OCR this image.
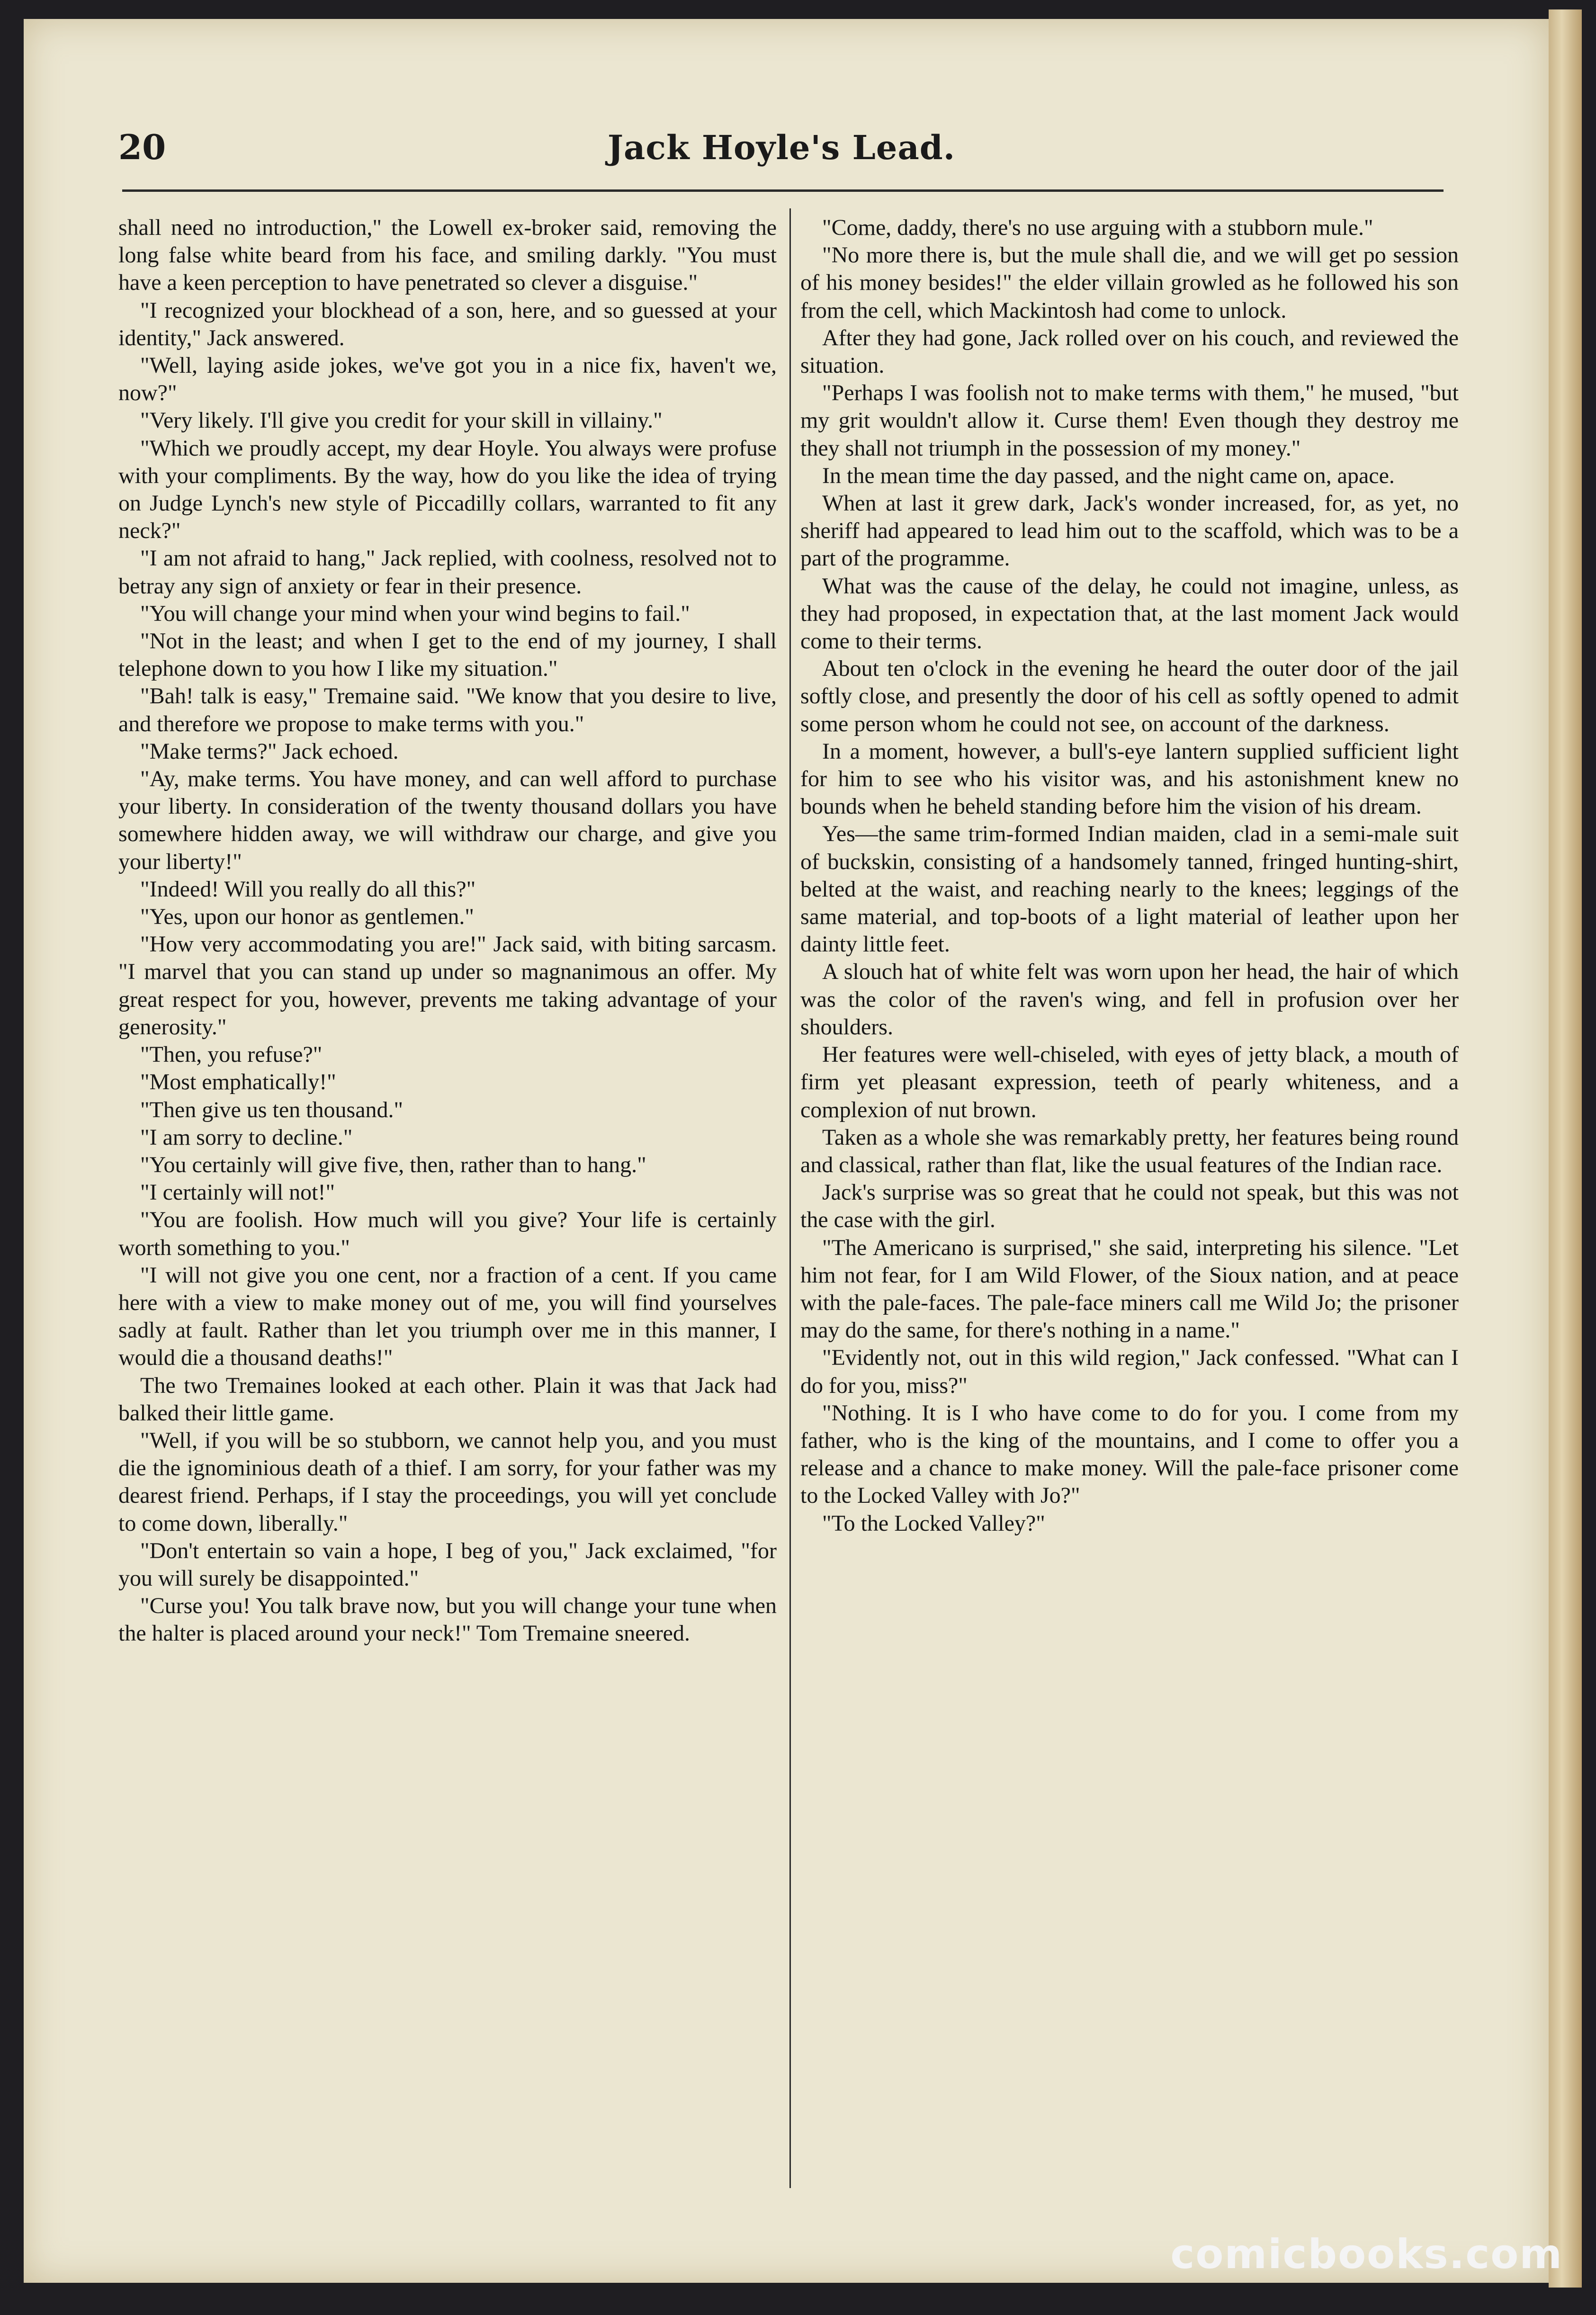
20	Jack Hoyle's Lead.

shall need no introduction," the Lowell ex-broker said, removing the long false white beard from his face, and smiling darkly. "You must have a keen perception to have penetrated so clever a disguise."

"I recognized your blockhead of a son, here, and so guessed at your identity," Jack answered.

"Well, laying aside jokes, we've got you in a nice fix, haven't we, now?"

"Very likely. I'll give you credit for your skill in villainy."

"Which we proudly accept, my dear Hoyle. You always were profuse with your compliments. By the way, how do you like the idea of trying on Judge Lynch's new style of Piccadilly collars, warranted to fit any neck?"

"I am not afraid to hang," Jack replied, with coolness, resolved not to betray any sign of anxiety or fear in their presence.

"You will change your mind when your wind begins to fail."

"Not in the least; and when I get to the end of my journey, I shall telephone down to you how I like my situation."

"Bah! talk is easy," Tremaine said. "We know that you desire to live, and therefore we propose to make terms with you."

"Make terms?" Jack echoed.

"Ay, make terms. You have money, and can well afford to purchase your liberty. In consideration of the twenty thousand dollars you have somewhere hidden away, we will withdraw our charge, and give you your liberty!"

"Indeed! Will you really do all this?"

"Yes, upon our honor as gentlemen."

"How very accommodating you are!" Jack said, with biting sarcasm. "I marvel that you can stand up under so magnanimous an offer. My great respect for you, however, prevents me taking advantage of your generosity."

"Then, you refuse?"

"Most emphatically!"

"Then give us ten thousand."

"I am sorry to decline."

"You certainly will give five, then, rather than to hang."

"I certainly will not!"

"You are foolish. How much will you give? Your life is certainly worth something to you."

"I will not give you one cent, nor a fraction of a cent. If you came here with a view to make money out of me, you will find yourselves sadly at fault. Rather than let you triumph over me in this manner, I would die a thousand deaths!"

The two Tremaines looked at each other. Plain it was that Jack had balked their little game.

"Well, if you will be so stubborn, we cannot help you, and you must die the ignominious death of a thief. I am sorry, for your father was my dearest friend. Perhaps, if I stay the proceedings, you will yet conclude to come down, liberally."

"Don't entertain so vain a hope, I beg of you," Jack exclaimed, "for you will surely be disappointed."

"Curse you! You talk brave now, but you will change your tune when the halter is placed around your neck!" Tom Tremaine sneered.

"Come, daddy, there's no use arguing with a stubborn mule."

"No more there is, but the mule shall die, and we will get po session of his money besides!" the elder villain growled as he followed his son from the cell, which Mackintosh had come to unlock.

After they had gone, Jack rolled over on his couch, and reviewed the situation.

"Perhaps I was foolish not to make terms with them," he mused, "but my grit wouldn't allow it. Curse them! Even though they destroy me they shall not triumph in the possession of my money."

In the mean time the day passed, and the night came on, apace.

When at last it grew dark, Jack's wonder increased, for, as yet, no sheriff had appeared to lead him out to the scaffold, which was to be a part of the programme.

What was the cause of the delay, he could not imagine, unless, as they had proposed, in expectation that, at the last moment Jack would come to their terms.

About ten o'clock in the evening he heard the outer door of the jail softly close, and presently the door of his cell as softly opened to admit some person whom he could not see, on account of the darkness.

In a moment, however, a bull's-eye lantern supplied sufficient light for him to see who his visitor was, and his astonishment knew no bounds when he beheld standing before him the vision of his dream.

Yes—the same trim-formed Indian maiden, clad in a semi-male suit of buckskin, consisting of a handsomely tanned, fringed hunting-shirt, belted at the waist, and reaching nearly to the knees; leggings of the same material, and top-boots of a light material of leather upon her dainty little feet.

A slouch hat of white felt was worn upon her head, the hair of which was the color of the raven's wing, and fell in profusion over her shoulders.

Her features were well-chiseled, with eyes of jetty black, a mouth of firm yet pleasant expression, teeth of pearly whiteness, and a complexion of nut brown.

Taken as a whole she was remarkably pretty, her features being round and classical, rather than flat, like the usual features of the Indian race.

Jack's surprise was so great that he could not speak, but this was not the case with the girl.

"The Americano is surprised," she said, interpreting his silence. "Let him not fear, for I am Wild Flower, of the Sioux nation, and at peace with the pale-faces. The pale-face miners call me Wild Jo; the prisoner may do the same, for there's nothing in a name."

"Evidently not, out in this wild region," Jack confessed. "What can I do for you, miss?"

"Nothing. It is I who have come to do for you. I come from my father, who is the king of the mountains, and I come to offer you a release and a chance to make money. Will the pale-face prisoner come to the Locked Valley with Jo?"

"To the Locked Valley?"

comicbooks.com
